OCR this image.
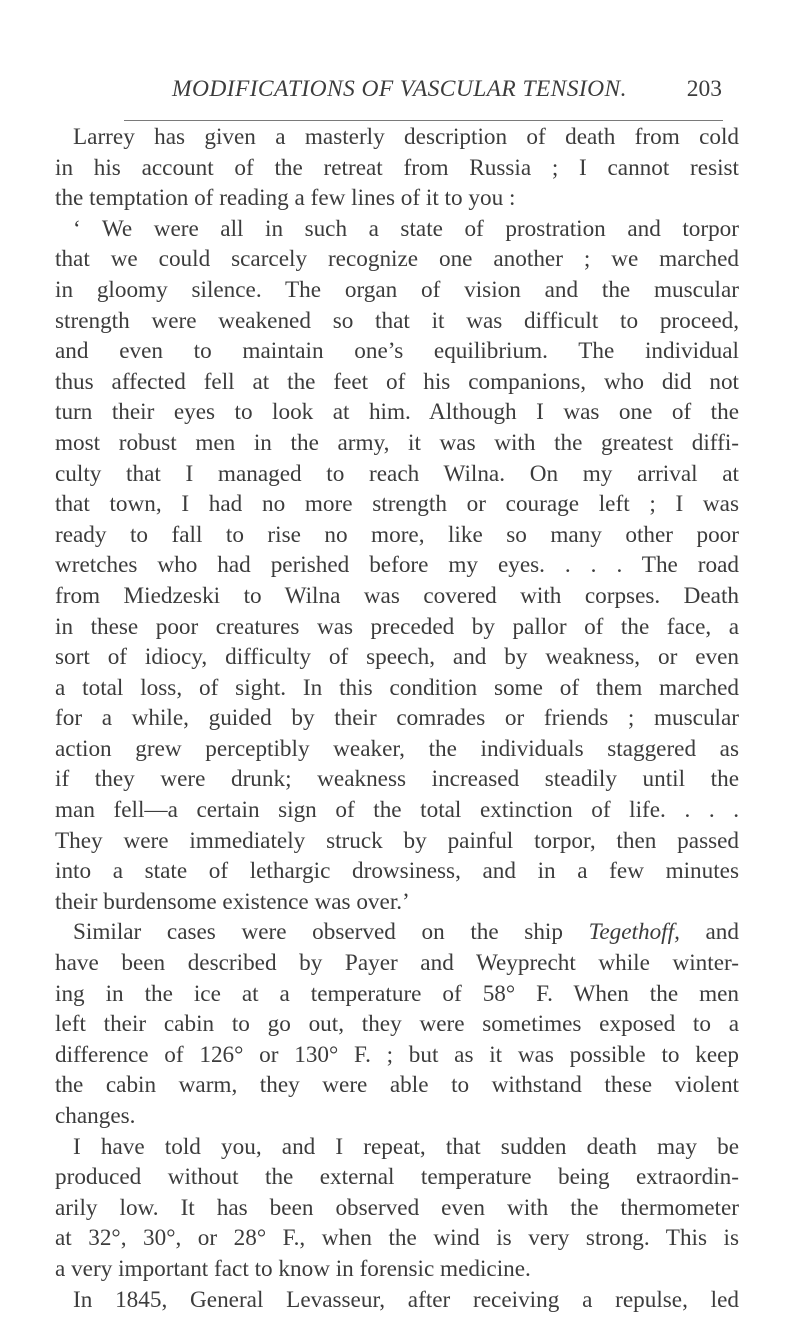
MODIFICATIONS OF VASCULAR TENSION.	203
Larrey has given a masterly description of death from cold
in his account of the retreat from Russia ; I cannot resist
the temptation of reading a few lines of it to you :
‘ We were all in such a state of prostration and torpor
that we could scarcely recognize one another ; we marched
in gloomy silence. The organ of vision and the muscular
strength were weakened so that it was difficult to proceed,
and even to maintain one’s equilibrium. The individual
thus affected fell at the feet of his companions, who did not
turn their eyes to look at him. Although I was one of the
most robust men in the army, it was with the greatest diffi-
culty that I managed to reach Wilna. On my arrival at
that town, I had no more strength or courage left ; I was
ready to fall to rise no more, like so many other poor
wretches who had perished before my eyes. . . . The road
from Miedzeski to Wilna was covered with corpses. Death
in these poor creatures was preceded by pallor of the face, a
sort of idiocy, difficulty of speech, and by weakness, or even
a total loss, of sight. In this condition some of them marched
for a while, guided by their comrades or friends ; muscular
action grew perceptibly weaker, the individuals staggered as
if they were drunk; weakness increased steadily until the
man fell—a certain sign of the total extinction of life. . . .
They were immediately struck by painful torpor, then passed
into a state of lethargic drowsiness, and in a few minutes
their burdensome existence was over.’
Similar cases were observed on the ship Tegethoff, and
have been described by Payer and Weyprecht while winter-
ing in the ice at a temperature of 58° F. When the men
left their cabin to go out, they were sometimes exposed to a
difference of 126° or 130° F. ; but as it was possible to keep
the cabin warm, they were able to withstand these violent
changes.
I have told you, and I repeat, that sudden death may be
produced without the external temperature being extraordin-
arily low. It has been observed even with the thermometer
at 32°, 30°, or 28° F., when the wind is very strong. This is
a very important fact to know in forensic medicine.
In 1845, General Levasseur, after receiving a repulse, led
